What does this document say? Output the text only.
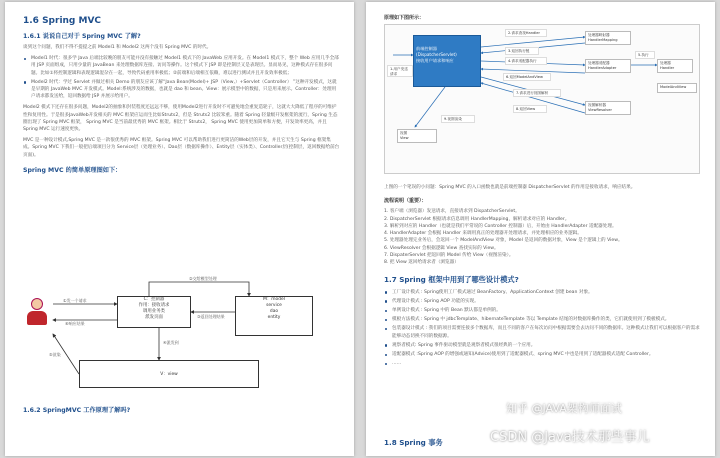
1.6 Spring MVC
1.6.1 说说自己对于 Spring MVC 了解?
谈到这个问题，我们不得不提提之前 Model1 和 Model2 这两个没有 Spring MVC 的时代。
Model1 时代：很多学 Java 后端比较晚的朋友可能并没有接触过 Model1 模式下的 JavaWeb 应用开发。在 Model1 模式下，整个 Web 应用几乎全部用 JSP 页面组成，只用少量的 JavaBean 来处理数据库连接、访问等操作。这个模式下 JSP 即是控制层又是表现层。显而易见，这种模式存在很多问题。比如①将控制逻辑和表现逻辑混杂在一起，导致代码重用率极低；②前端和后端相互依赖，难以进行测试并且开发效率极低；
Model2 时代：学过 Servlet 并做过相关 Demo 的朋友应该了解“Java Bean(Model)+ JSP（View,）+Servlet（Controller） ”这种开发模式，这就是早期的 JavaWeb MVC 开发模式。Model:系统涉及的数据，也就是 dao 和 bean。View：展示模型中的数据，只是用来展示。Controller：处理用户请求都发送给，返回数据给 JSP 并展示给用户。
Model2 模式下还存在很多问题，Model2的抽象和封装程度还远远不够，使用Model2进行开发时不可避免地会重复造轮子，这就大大降低了程序的可维护性和复用性。于是很多JavaWeb开发相关的 MVC 框架应运而生比如Struts2，但是 Struts2 比较笨重。随着 Spring 轻量级开发框架的流行，Spring 生态圈出现了 Spring MVC 框架， Spring MVC 是当前最优秀的 MVC 框架。相比于 Struts2， Spring MVC 使用更加简单和方便，开发效率更高，并且 Spring MVC 运行速度更快。
MVC 是一种设计模式,Spring MVC 是一款很优秀的 MVC 框架。Spring MVC 可以帮助我们进行更简洁的Web层的开发，并且它天生与 Spring 框架集成。Spring MVC 下我们一般把后端项目分为 Service层（处理业务）、Dao层（数据库操作）、Entity层（实体类）、Controller层(控制层，返回数据给前台页面)。
Spring MVC 的简单原理图如下：
C：控制器
作用：接收请求
调用业务类
派发页面
M：model
service
dao
entity
V：view
①发一个请求
⑥响应结果
②交给模型处理
③返回处理结果
④派发到
⑤渲染
1.6.2 SpringMVC 工作原理了解吗?
原理如下图所示：
前端控制器
(DispatcherServlet)
接收用户请求和响应
处理器映射器
HandlerMapping
处理器适配器
HandlerAdapter
处理器
Handler
视图解析器
ViewResolver
视图
View
ModelAndView
1.用户发送请求
2.请求查找Handler
3.返回执行链
4.请求适配器执行
5.执行
6.返回ModelAndView
7.请求进行视图解析
8.返回View
9.视图渲染
上图的一个笔误的小问题：Spring MVC 的入口函数也就是前端控制器 DispatcherServlet 的作用是接收请求，响应结果。
流程说明（重要）：
1. 客户端（浏览器）发送请求，直接请求到 DispatcherServlet。
2. DispatcherServlet 根据请求信息调用 HandlerMapping，解析请求对应的 Handler。
3. 解析到对应的 Handler（也就是我们平常说的 Controller 控制器）后，开始由 HandlerAdapter 适配器处理。
4. HandlerAdapter 会根据 Handler 来调用真正的处理器开处理请求，并处理相应的业务逻辑。
5. 处理器处理完业务后，会返回一个 ModelAndView 对象，Model 是返回的数据对象，View 是个逻辑上的 View。
6. ViewResolver 会根据逻辑 View 查找实际的 View。
7. DispaterServlet 把返回的 Model 传给 View（视图渲染）。
8. 把 View 返回给请求者（浏览器）
1.7 Spring 框架中用到了哪些设计模式?
工厂设计模式 : Spring使用工厂模式通过 BeanFactory、ApplicationContext 创建 bean 对象。
代理设计模式 : Spring AOP 功能的实现。
单例设计模式 : Spring 中的 Bean 默认都是单例的。
模板方法模式 : Spring 中 jdbcTemplate、hibernateTemplate 等以 Template 结尾的对数据库操作的类，它们就使用到了模板模式。
包装器设计模式 : 我们的项目需要连接多个数据库，而且不同的客户在每次访问中根据需要会去访问不同的数据库。这种模式让我们可以根据客户的需求能够动态切换不同的数据源。
观察者模式: Spring 事件驱动模型就是观察者模式很经典的一个应用。
适配器模式 :Spring AOP 的增强或通知(Advice)使用到了适配器模式、spring MVC 中也是用到了适配器模式适配 Controller。
……
1.8 Spring 事务
知乎 @JAVA架构师面试
CSDN @Java技术那些事儿
